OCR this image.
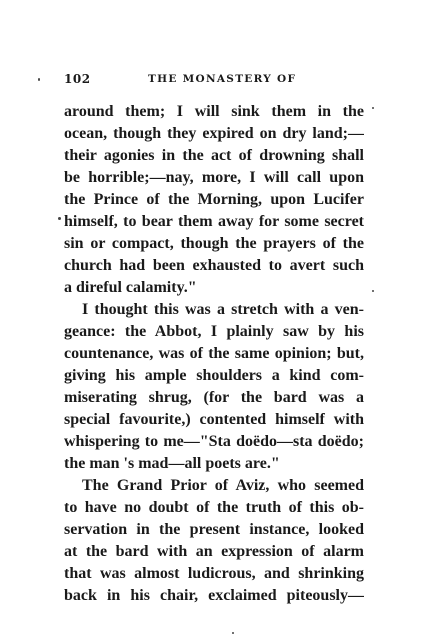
102	THE MONASTERY OF
around them; I will sink them in the
ocean, though they expired on dry land;—
their agonies in the act of drowning shall
be horrible;—nay, more, I will call upon
the Prince of the Morning, upon Lucifer
himself, to bear them away for some secret
sin or compact, though the prayers of the
church had been exhausted to avert such
a direful calamity."
I thought this was a stretch with a ven-
geance: the Abbot, I plainly saw by his
countenance, was of the same opinion; but,
giving his ample shoulders a kind com-
miserating shrug, (for the bard was a
special favourite,) contented himself with
whispering to me—"Sta doëdo—sta doëdo;
the man 's mad—all poets are."
The Grand Prior of Aviz, who seemed
to have no doubt of the truth of this ob-
servation in the present instance, looked
at the bard with an expression of alarm
that was almost ludicrous, and shrinking
back in his chair, exclaimed piteously—
